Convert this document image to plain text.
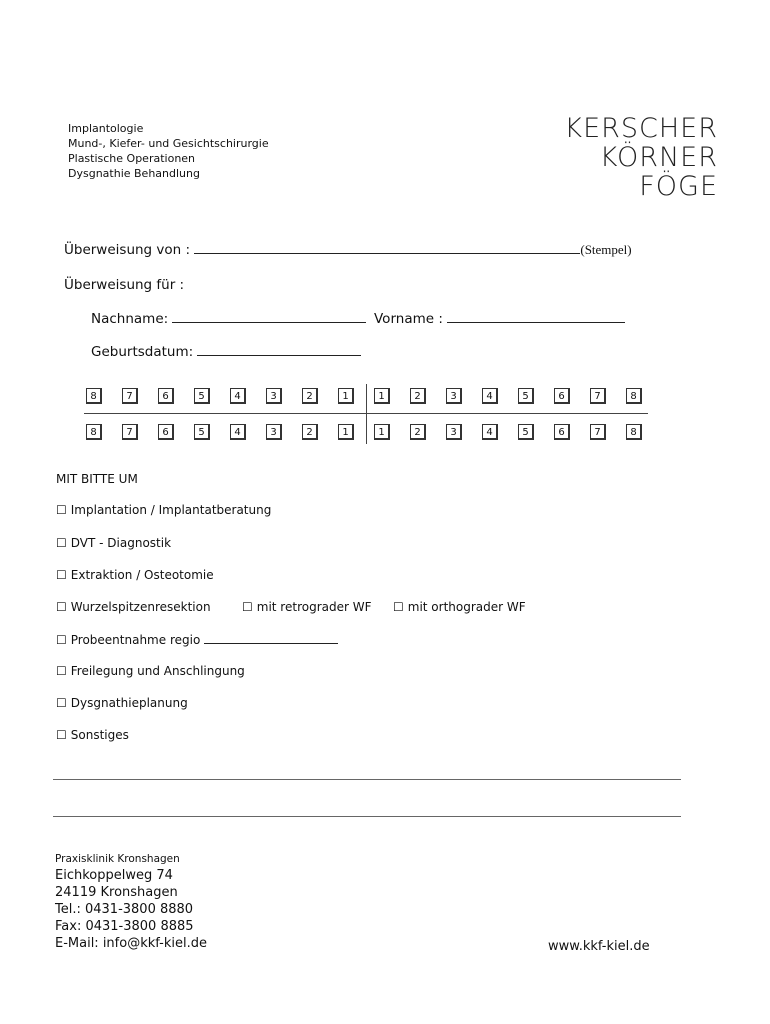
Implantologie
Mund-, Kiefer- und Gesichtschirurgie
Plastische Operationen
Dysgnathie Behandlung
KERSCHER
KÖRNER
FÖGE
Überweisung von :	(Stempel)
Überweisung für :
Nachname:	Vorname :
Geburtsdatum:
8	7	6	5	4	3	2	1	1	2	3	4	5	6	7	8
8	7	6	5	4	3	2	1	1	2	3	4	5	6	7	8
MIT BITTE UM
☐ Implantation / Implantatberatung
☐ DVT - Diagnostik
☐ Extraktion / Osteotomie
☐ Wurzelspitzenresektion	☐ mit retrograder WF ☐ mit orthograder WF
☐ Probeentnahme regio
☐ Freilegung und Anschlingung
☐ Dysgnathieplanung
☐ Sonstiges
Praxisklinik Kronshagen
Eichkoppelweg 74
24119 Kronshagen
Tel.: 0431-3800 8880
Fax: 0431-3800 8885
E-Mail: info@kkf-kiel.de	www.kkf-kiel.de
